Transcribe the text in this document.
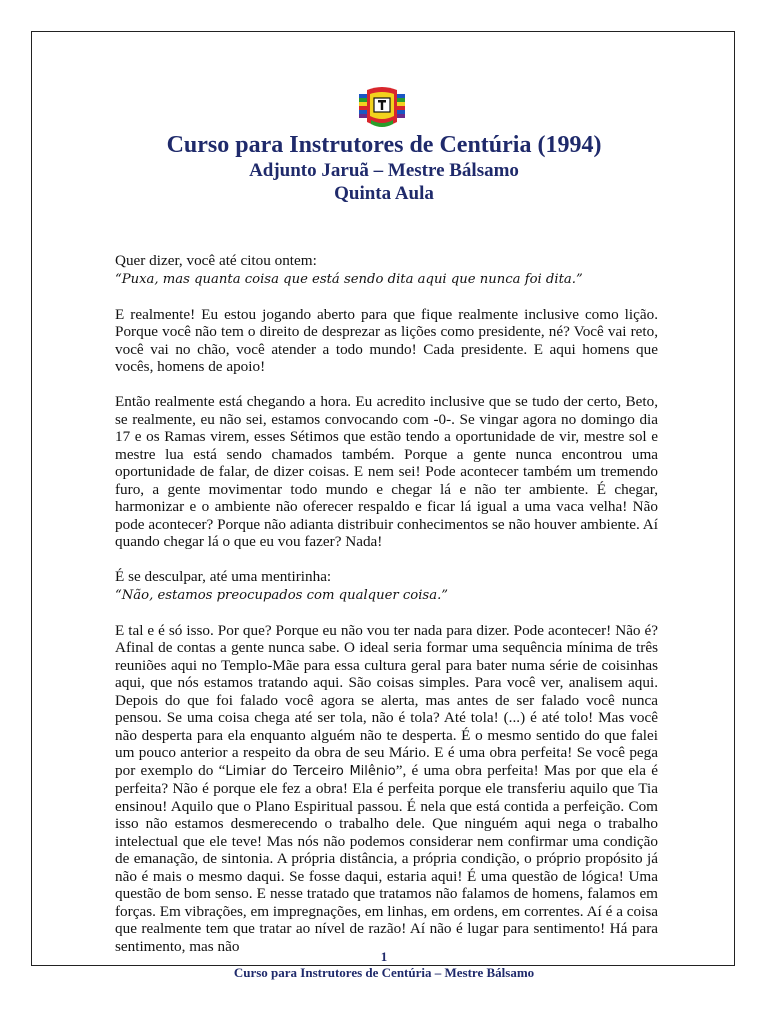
Curso para Instrutores de Centúria (1994)
Adjunto Jaruã – Mestre Bálsamo
Quinta Aula

Quer dizer, você até citou ontem:
“Puxa, mas quanta coisa que está sendo dita aqui que nunca foi dita.”

E realmente! Eu estou jogando aberto para que fique realmente inclusive como lição. Porque você não tem o direito de desprezar as lições como presidente, né? Você vai reto, você vai no chão, você atender a todo mundo! Cada presidente. E aqui homens que vocês, homens de apoio!

Então realmente está chegando a hora. Eu acredito inclusive que se tudo der certo, Beto, se realmente, eu não sei, estamos convocando com -0-. Se vingar agora no domingo dia 17 e os Ramas virem, esses Sétimos que estão tendo a oportunidade de vir, mestre sol e mestre lua está sendo chamados também. Porque a gente nunca encontrou uma oportunidade de falar, de dizer coisas. E nem sei! Pode acontecer também um tremendo furo, a gente movimentar todo mundo e chegar lá e não ter ambiente. É chegar, harmonizar e o ambiente não oferecer respaldo e ficar lá igual a uma vaca velha! Não pode acontecer? Porque não adianta distribuir conhecimentos se não houver ambiente. Aí quando chegar lá o que eu vou fazer? Nada!

É se desculpar, até uma mentirinha:
“Não, estamos preocupados com qualquer coisa.”

E tal e é só isso. Por que? Porque eu não vou ter nada para dizer. Pode acontecer! Não é? Afinal de contas a gente nunca sabe. O ideal seria formar uma sequência mínima de três reuniões aqui no Templo-Mãe para essa cultura geral para bater numa série de coisinhas aqui, que nós estamos tratando aqui. São coisas simples. Para você ver, analisem aqui. Depois do que foi falado você agora se alerta, mas antes de ser falado você nunca pensou. Se uma coisa chega até ser tola, não é tola? Até tola! (...) é até tolo! Mas você não desperta para ela enquanto alguém não te desperta. É o mesmo sentido do que falei um pouco anterior a respeito da obra de seu Mário. E é uma obra perfeita! Se você pega por exemplo do “Limiar do Terceiro Milênio”, é uma obra perfeita! Mas por que ela é perfeita? Não é porque ele fez a obra! Ela é perfeita porque ele transferiu aquilo que Tia ensinou! Aquilo que o Plano Espiritual passou. É nela que está contida a perfeição. Com isso não estamos desmerecendo o trabalho dele. Que ninguém aqui nega o trabalho intelectual que ele teve! Mas nós não podemos considerar nem confirmar uma condição de emanação, de sintonia. A própria distância, a própria condição, o próprio propósito já não é mais o mesmo daqui. Se fosse daqui, estaria aqui! É uma questão de lógica! Uma questão de bom senso. E nesse tratado que tratamos não falamos de homens, falamos em forças. Em vibrações, em impregnações, em linhas, em ordens, em correntes. Aí é a coisa que realmente tem que tratar ao nível de razão! Aí não é lugar para sentimento! Há para sentimento, mas não

1
Curso para Instrutores de Centúria – Mestre Bálsamo
